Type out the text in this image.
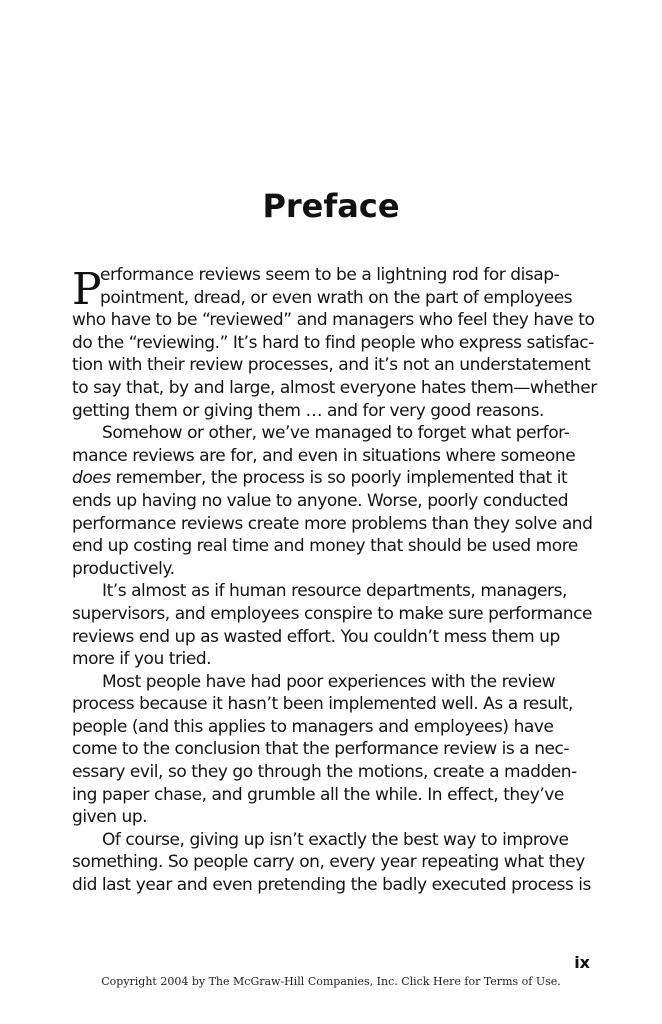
Preface
P
erformance reviews seem to be a lightning rod for disap-
pointment, dread, or even wrath on the part of employees
who have to be “reviewed” and managers who feel they have to
do the “reviewing.” It’s hard to find people who express satisfac-
tion with their review processes, and it’s not an understatement
to say that, by and large, almost everyone hates them—whether
getting them or giving them … and for very good reasons.
Somehow or other, we’ve managed to forget what perfor-
mance reviews are for, and even in situations where someone
does remember, the process is so poorly implemented that it
ends up having no value to anyone. Worse, poorly conducted
performance reviews create more problems than they solve and
end up costing real time and money that should be used more
productively.
It’s almost as if human resource departments, managers,
supervisors, and employees conspire to make sure performance
reviews end up as wasted effort. You couldn’t mess them up
more if you tried.
Most people have had poor experiences with the review
process because it hasn’t been implemented well. As a result,
people (and this applies to managers and employees) have
come to the conclusion that the performance review is a nec-
essary evil, so they go through the motions, create a madden-
ing paper chase, and grumble all the while. In effect, they’ve
given up.
Of course, giving up isn’t exactly the best way to improve
something. So people carry on, every year repeating what they
did last year and even pretending the badly executed process is
ix
Copyright 2004 by The McGraw-Hill Companies, Inc. Click Here for Terms of Use.
